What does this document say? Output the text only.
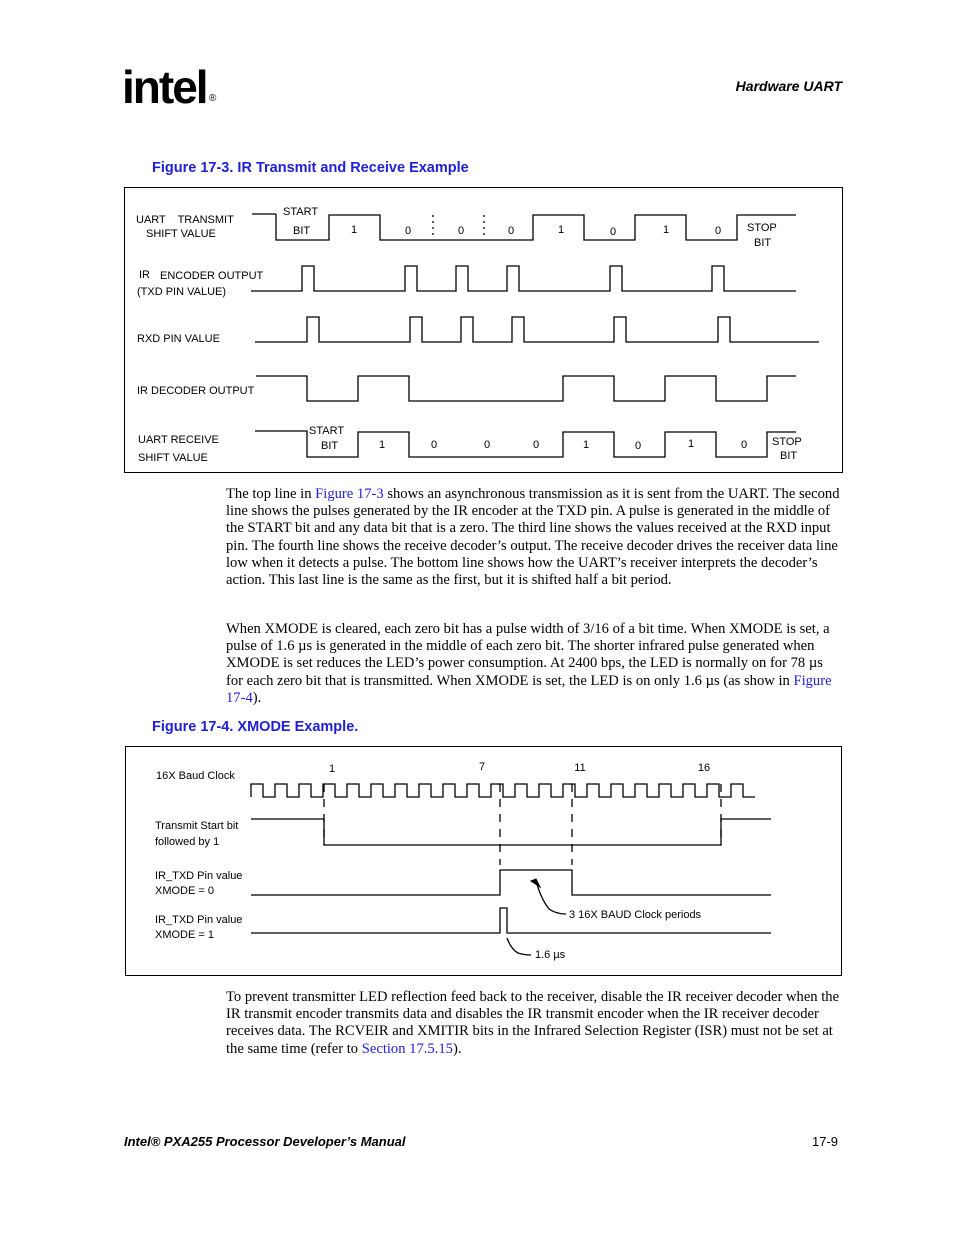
intel ®
Hardware UART
Figure 17-3. IR Transmit and Receive Example
UART    TRANSMIT
SHIFT VALUE
IR ENCODER OUTPUT
(TXD PIN VALUE)
RXD PIN VALUE
IR DECODER OUTPUT
UART RECEIVE
SHIFT VALUE
START
BIT	STOP
BIT
1	0	0	0	1	0	1	0
START
BIT	STOP
BIT
1	0	0	0	1	0	1	0
The top line in Figure 17-3 shows an asynchronous transmission as it is sent from the UART. The second line shows the pulses generated by the IR encoder at the TXD pin. A pulse is generated in the middle of the START bit and any data bit that is a zero. The third line shows the values received at the RXD input pin. The fourth line shows the receive decoder’s output. The receive decoder drives the receiver data line low when it detects a pulse. The bottom line shows how the UART’s receiver interprets the decoder’s action. This last line is the same as the first, but it is shifted half a bit period.
When XMODE is cleared, each zero bit has a pulse width of 3/16 of a bit time. When XMODE is set, a pulse of 1.6 µs is generated in the middle of each zero bit. The shorter infrared pulse generated when XMODE is set reduces the LED’s power consumption. At 2400 bps, the LED is normally on for 78 µs for each zero bit that is transmitted. When XMODE is set, the LED is on only 1.6 µs (as show in Figure 17-4).
Figure 17-4. XMODE Example.
16X Baud Clock
Transmit Start bit
followed by 1
IR_TXD Pin value
XMODE = 0
IR_TXD Pin value
XMODE = 1
1	7	11	16
3 16X BAUD Clock periods
1.6 µs
To prevent transmitter LED reflection feed back to the receiver, disable the IR receiver decoder when the IR transmit encoder transmits data and disables the IR transmit encoder when the IR receiver decoder receives data. The RCVEIR and XMITIR bits in the Infrared Selection Register (ISR) must not be set at the same time (refer to Section 17.5.15).
Intel® PXA255 Processor Developer’s Manual	17-9
